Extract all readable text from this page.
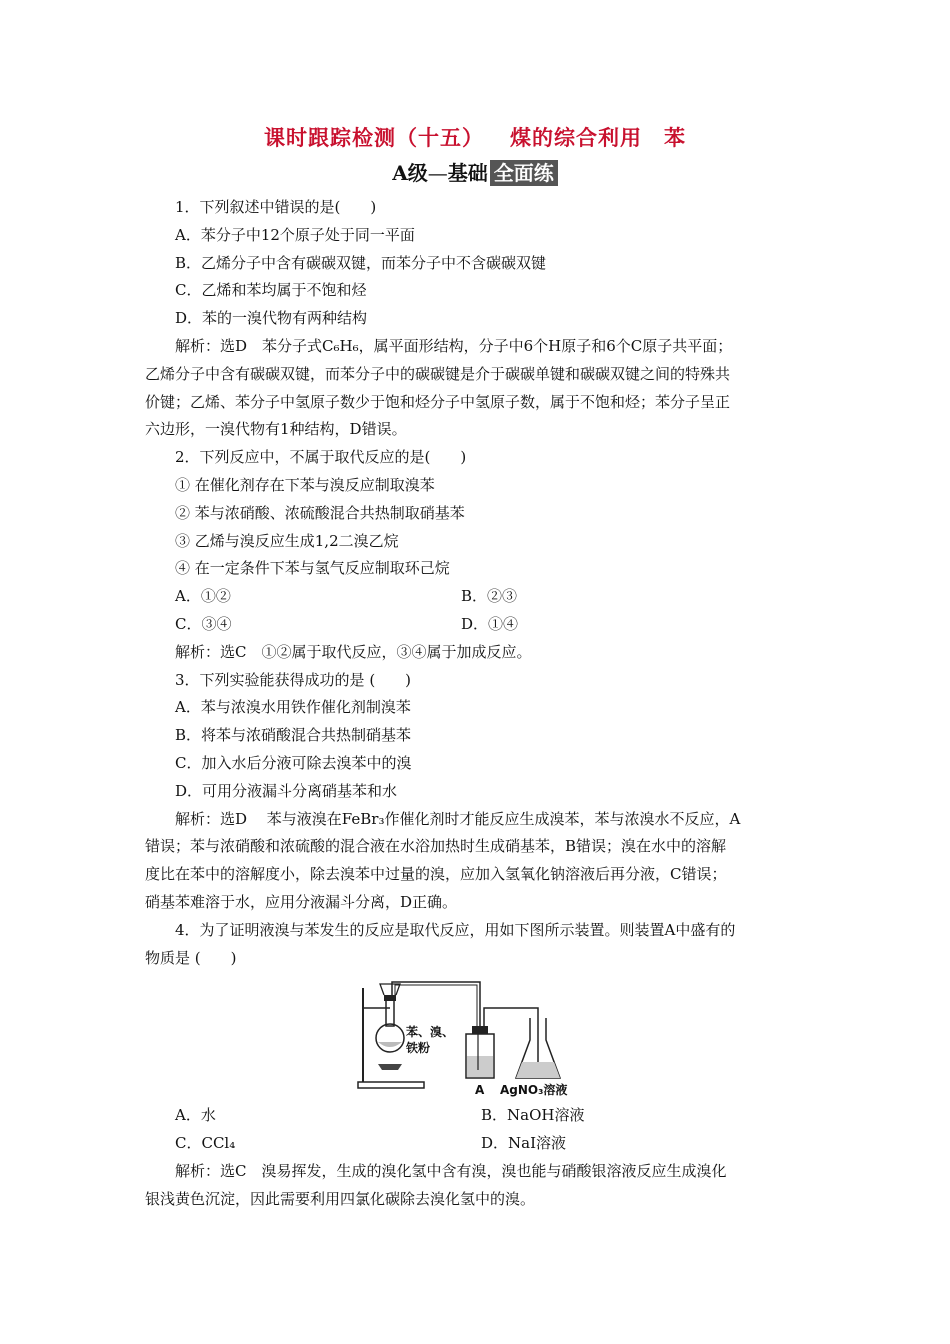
课时跟踪检测（十五） 煤的综合利用　苯
A级—基础 全面练

1．下列叙述中错误的是(　　)

A．苯分子中12个原子处于同一平面

B．乙烯分子中含有碳碳双键，而苯分子中不含碳碳双键

C．乙烯和苯均属于不饱和烃

D．苯的一溴代物有两种结构

解析：选D　苯分子式C₆H₆，属平面形结构，分子中6个H原子和6个C原子共平面；

乙烯分子中含有碳碳双键，而苯分子中的碳碳键是介于碳碳单键和碳碳双键之间的特殊共

价键；乙烯、苯分子中氢原子数少于饱和烃分子中氢原子数，属于不饱和烃；苯分子呈正

六边形，一溴代物有1种结构，D错误。

2．下列反应中，不属于取代反应的是(　　)

① 在催化剂存在下苯与溴反应制取溴苯

② 苯与浓硝酸、浓硫酸混合共热制取硝基苯

③ 乙烯与溴反应生成1,2二溴乙烷

④ 在一定条件下苯与氢气反应制取环己烷

A．①②	B．②③
C．③④	D．①④

解析：选C　①②属于取代反应，③④属于加成反应。

3．下列实验能获得成功的是 (　　)

A．苯与浓溴水用铁作催化剂制溴苯

B．将苯与浓硝酸混合共热制硝基苯

C．加入水后分液可除去溴苯中的溴

D．可用分液漏斗分离硝基苯和水

解析：选D　 苯与液溴在FeBr₃作催化剂时才能反应生成溴苯，苯与浓溴水不反应，A

错误；苯与浓硝酸和浓硫酸的混合液在水浴加热时生成硝基苯，B错误；溴在水中的溶解

度比在苯中的溶解度小，除去溴苯中过量的溴，应加入氢氧化钠溶液后再分液，C错误；

硝基苯难溶于水，应用分液漏斗分离，D正确。

4．为了证明液溴与苯发生的反应是取代反应，用如下图所示装置。则装置A中盛有的

物质是 (　　)

苯、溴、
铁粉
A AgNO₃溶液
A．水	B．NaOH溶液
C．CCl₄	D．NaI溶液

解析：选C　溴易挥发，生成的溴化氢中含有溴，溴也能与硝酸银溶液反应生成溴化

银浅黄色沉淀，因此需要利用四氯化碳除去溴化氢中的溴。
